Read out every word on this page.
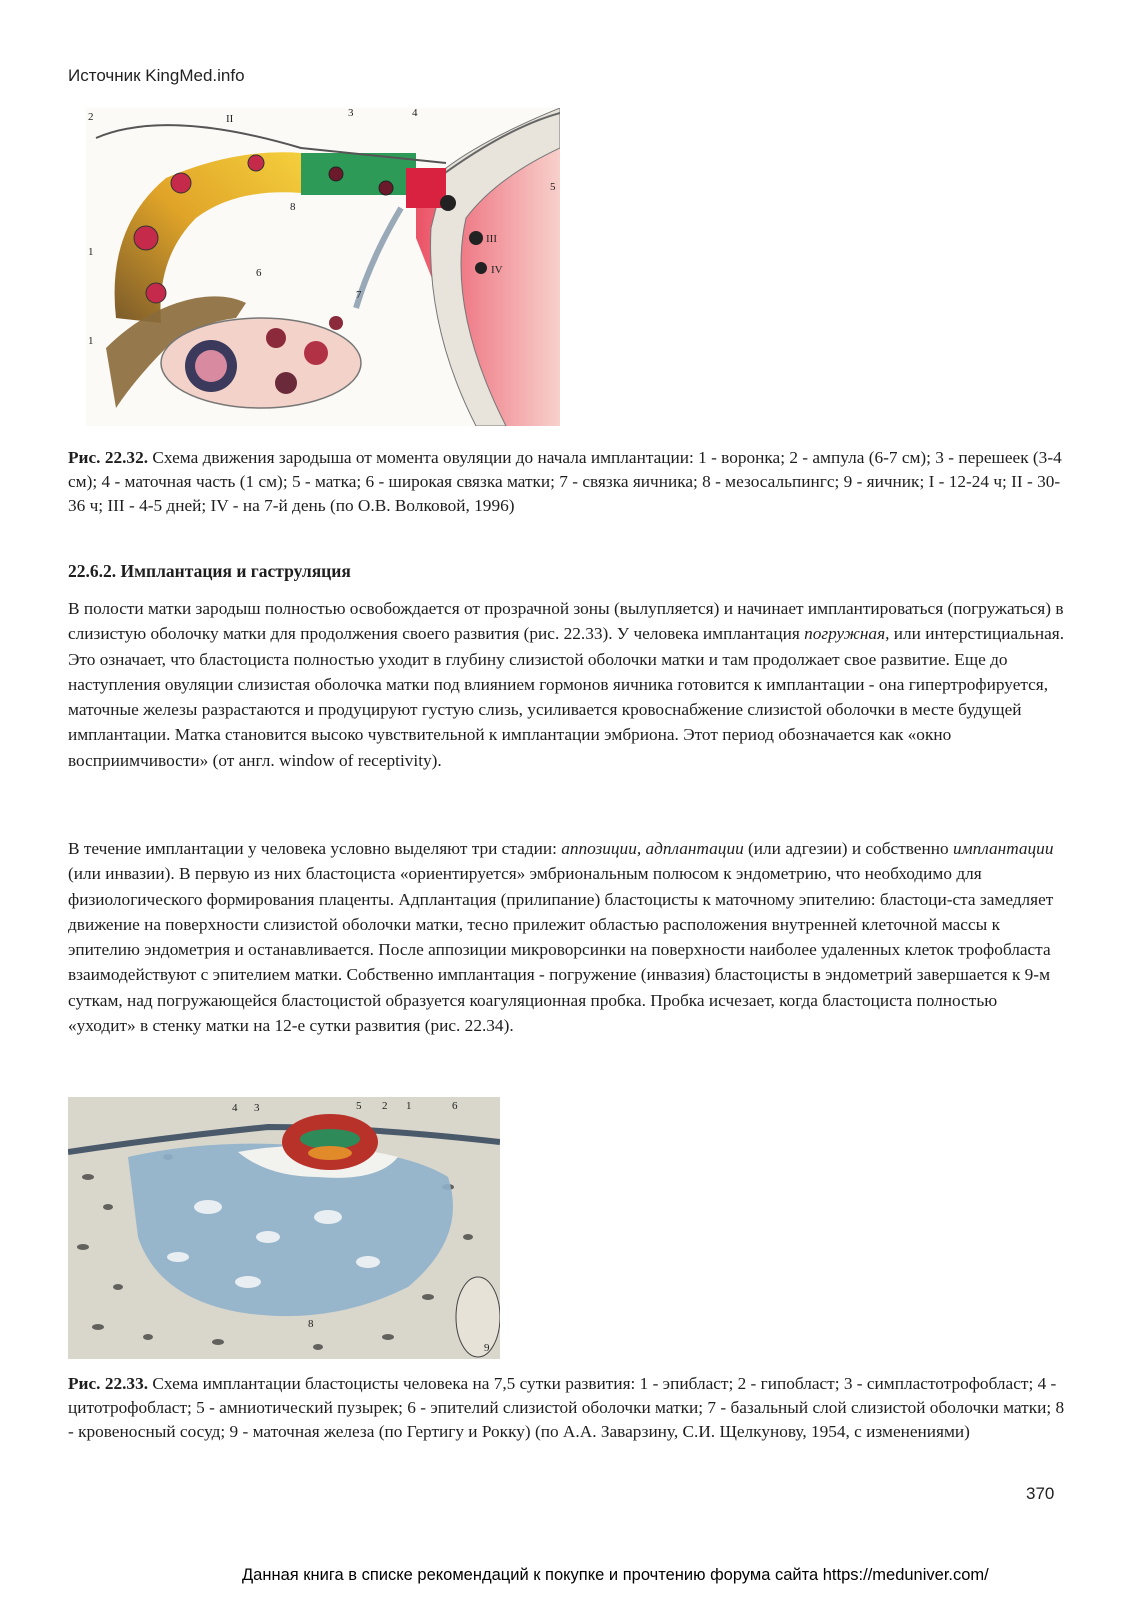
Источник KingMed.info
1
1
2	3	4
5
6
7
8
II
III
IV
Рис. 22.32. Схема движения зародыша от момента овуляции до начала имплантации: 1 - воронка; 2 - ампула (6-7 см); 3 - перешеек (3-4 см); 4 - маточная часть (1 см); 5 - матка; 6 - широкая связка матки; 7 - связка яичника; 8 - мезосальпингс; 9 - яичник; I - 12-24 ч; II - 30-36 ч; III - 4-5 дней; IV - на 7-й день (по О.В. Волковой, 1996)
22.6.2. Имплантация и гаструляция
В полости матки зародыш полностью освобождается от прозрачной зоны (вылупляется) и начинает имплантироваться (погружаться) в слизистую оболочку матки для продолжения своего развития (рис. 22.33). У человека имплантация погружная, или интерстициальная. Это означает, что бластоциста полностью уходит в глубину слизистой оболочки матки и там продолжает свое развитие. Еще до наступления овуляции слизистая оболочка матки под влиянием гормонов яичника готовится к имплантации - она гипертрофируется, маточные железы разрастаются и продуцируют густую слизь, усиливается кровоснабжение слизистой оболочки в месте будущей имплантации. Матка становится высоко чувствительной к имплантации эмбриона. Этот период обозначается как «окно восприимчивости» (от англ. window of receptivity).
В течение имплантации у человека условно выделяют три стадии: аппозиции, адплантации (или адгезии) и собственно имплантации (или инвазии). В первую из них бластоциста «ориентируется» эмбриональным полюсом к эндометрию, что необходимо для физиологического формирования плаценты. Адплантация (прилипание) бластоцисты к маточному эпителию: бластоци-ста замедляет движение на поверхности слизистой оболочки матки, тесно прилежит областью расположения внутренней клеточной массы к эпителию эндометрия и останавливается. После аппозиции микроворсинки на поверхности наиболее удаленных клеток трофобласта взаимодействуют с эпителием матки. Собственно имплантация - погружение (инвазия) бластоцисты в эндометрий завершается к 9-м суткам, над погружающейся бластоцистой образуется коагуляционная пробка. Пробка исчезает, когда бластоциста полностью «уходит» в стенку матки на 12-е сутки развития (рис. 22.34).
4 3	5 2 1	6
8
9
Рис. 22.33. Схема имплантации бластоцисты человека на 7,5 сутки развития: 1 - эпибласт; 2 - гипобласт; 3 - симпластотрофобласт; 4 - цитотрофобласт; 5 - амниотический пузырек; 6 - эпителий слизистой оболочки матки; 7 - базальный слой слизистой оболочки матки; 8 - кровеносный сосуд; 9 - маточная железа (по Гертигу и Рокку) (по А.А. Заварзину, С.И. Щелкунову, 1954, с изменениями)
370
Данная книга в списке рекомендаций к покупке и прочтению форума сайта https://meduniver.com/
